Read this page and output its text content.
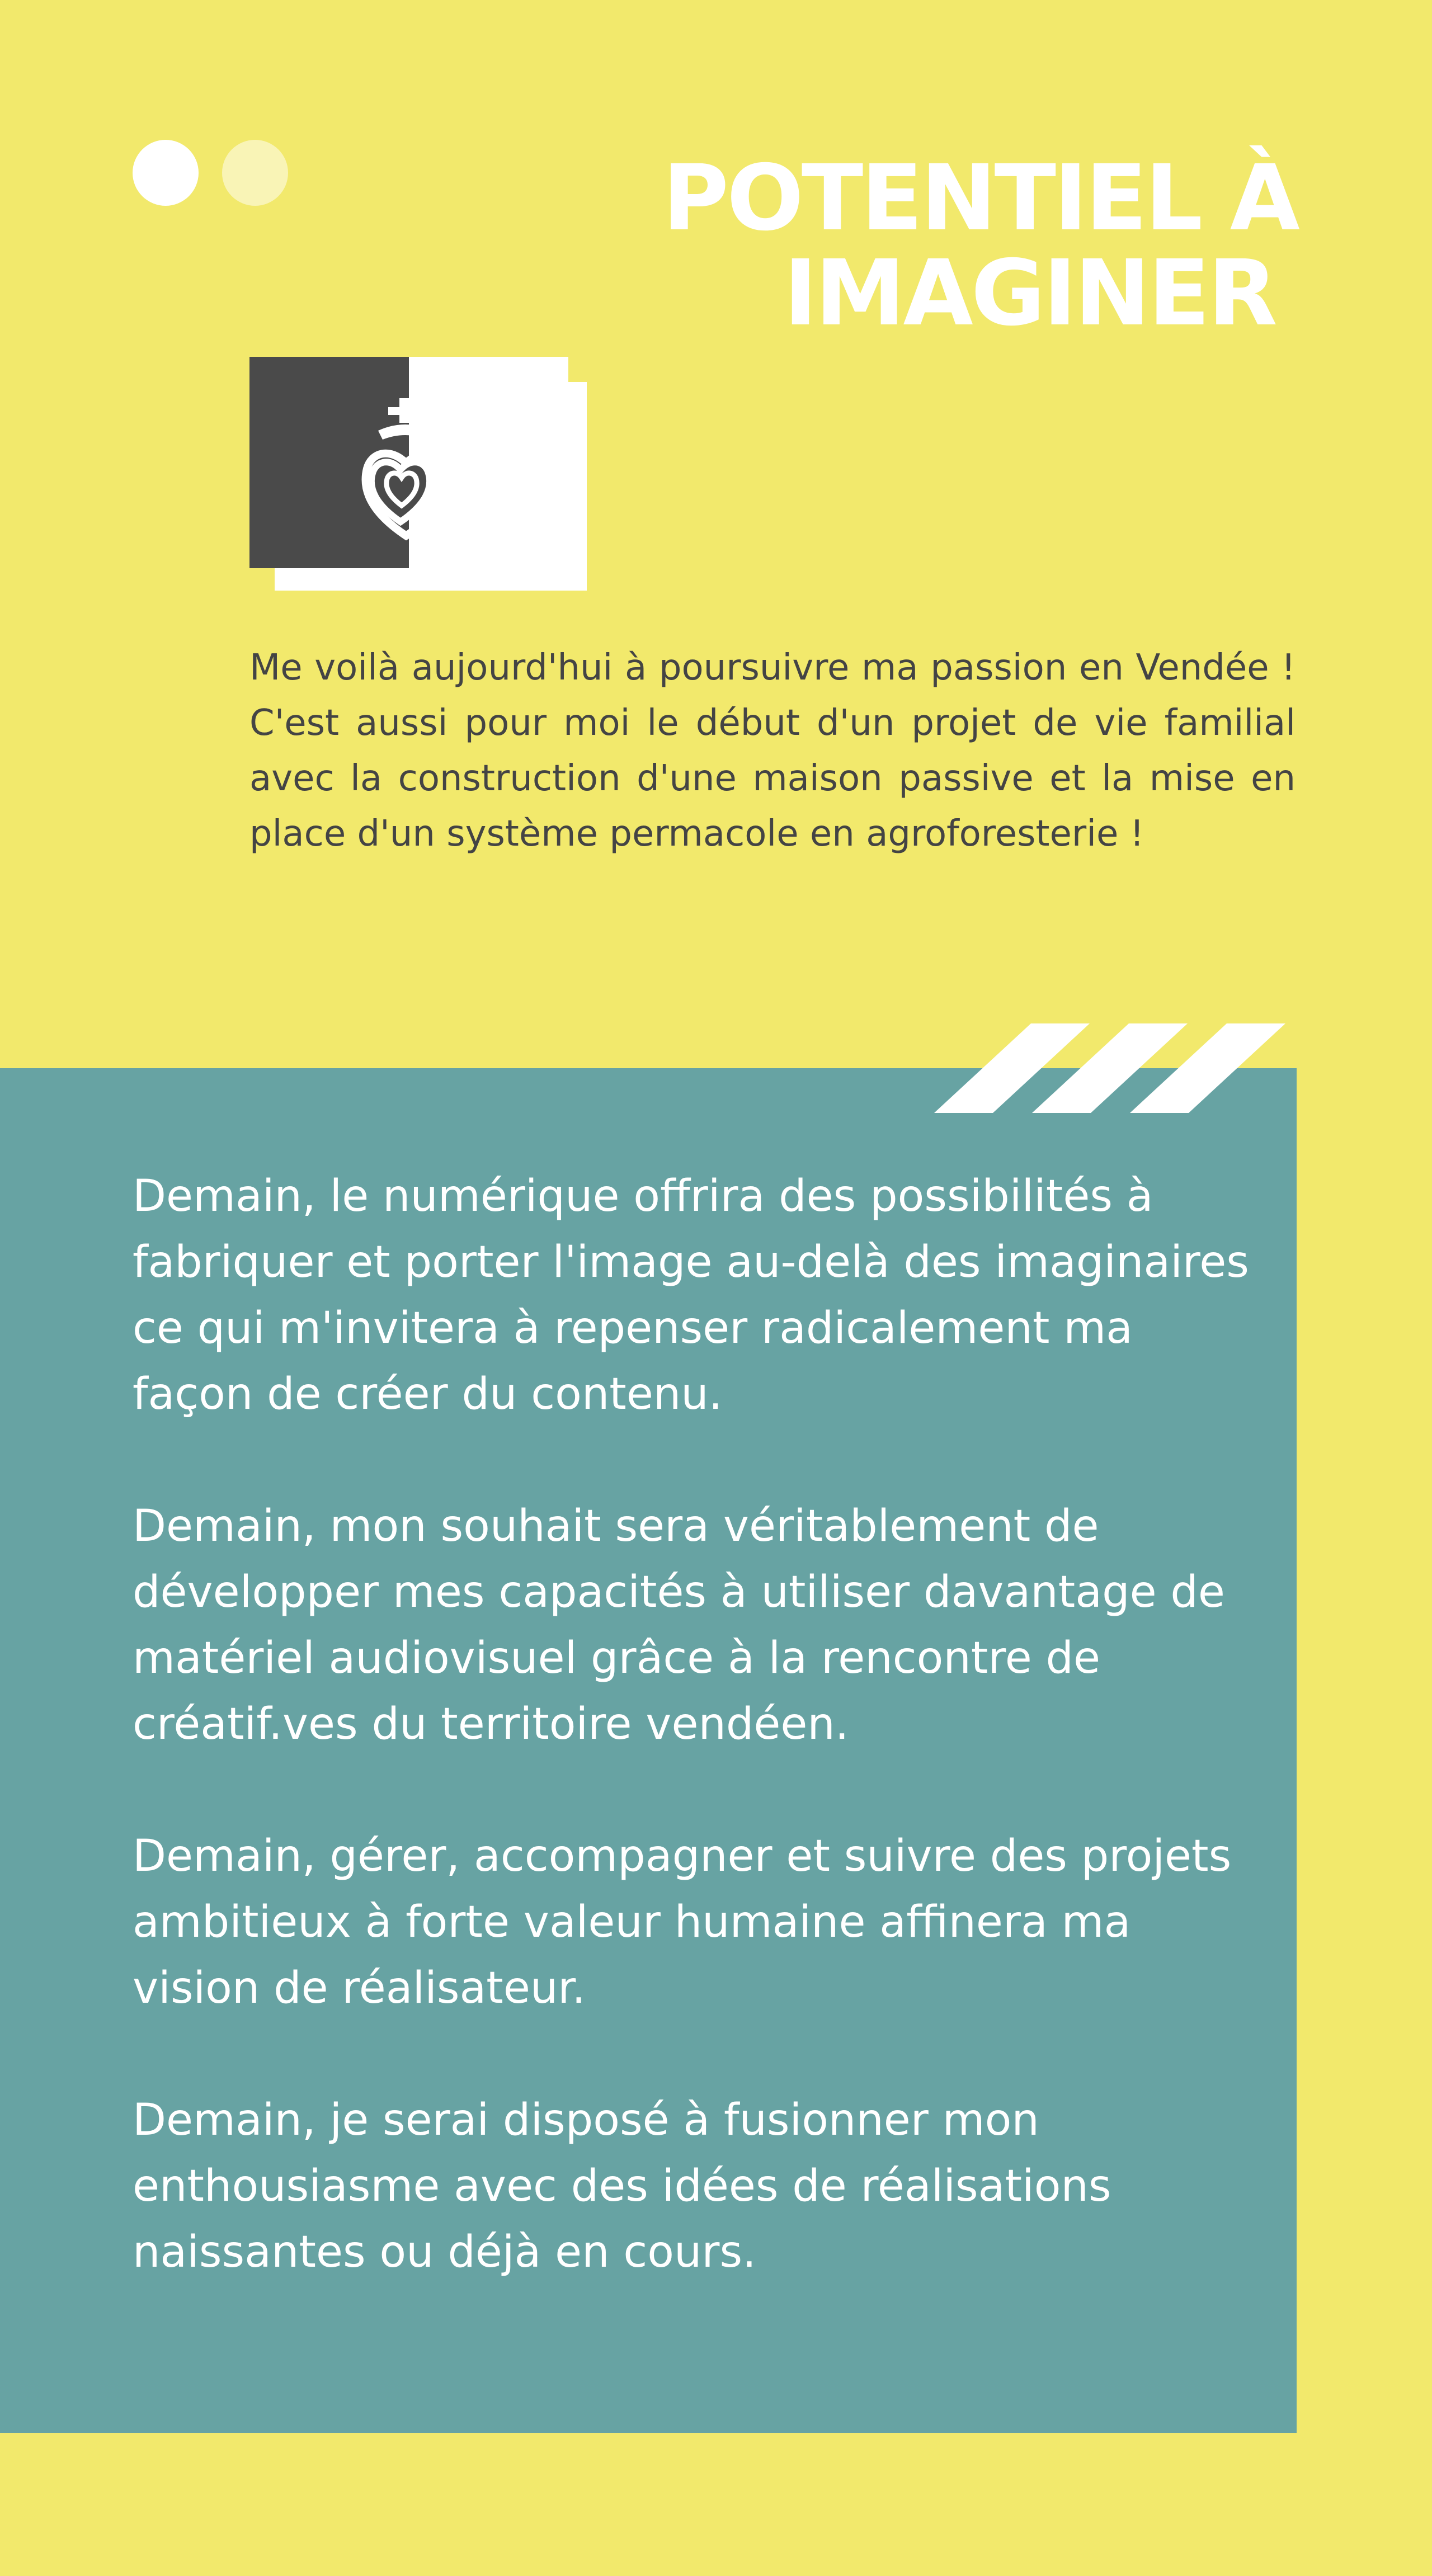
POTENTIEL À
IMAGINER

Me voilà aujourd'hui à poursuivre ma passion en Vendée ! C'est aussi pour moi le début d'un projet de vie familial avec la construction d'une maison passive et la mise en place d'un système permacole en agroforesterie !

Demain, le numérique offrira des possibilités à fabriquer et porter l'image au-delà des imaginaires ce qui m'invitera à repenser radicalement ma façon de créer du contenu.

Demain, mon souhait sera véritablement de développer mes capacités à utiliser davantage de matériel audiovisuel grâce à la rencontre de créatif.ves du territoire vendéen.

Demain, gérer, accompagner et suivre des projets ambitieux à forte valeur humaine affinera ma vision de réalisateur.

Demain, je serai disposé à fusionner mon enthousiasme avec des idées de réalisations naissantes ou déjà en cours.
